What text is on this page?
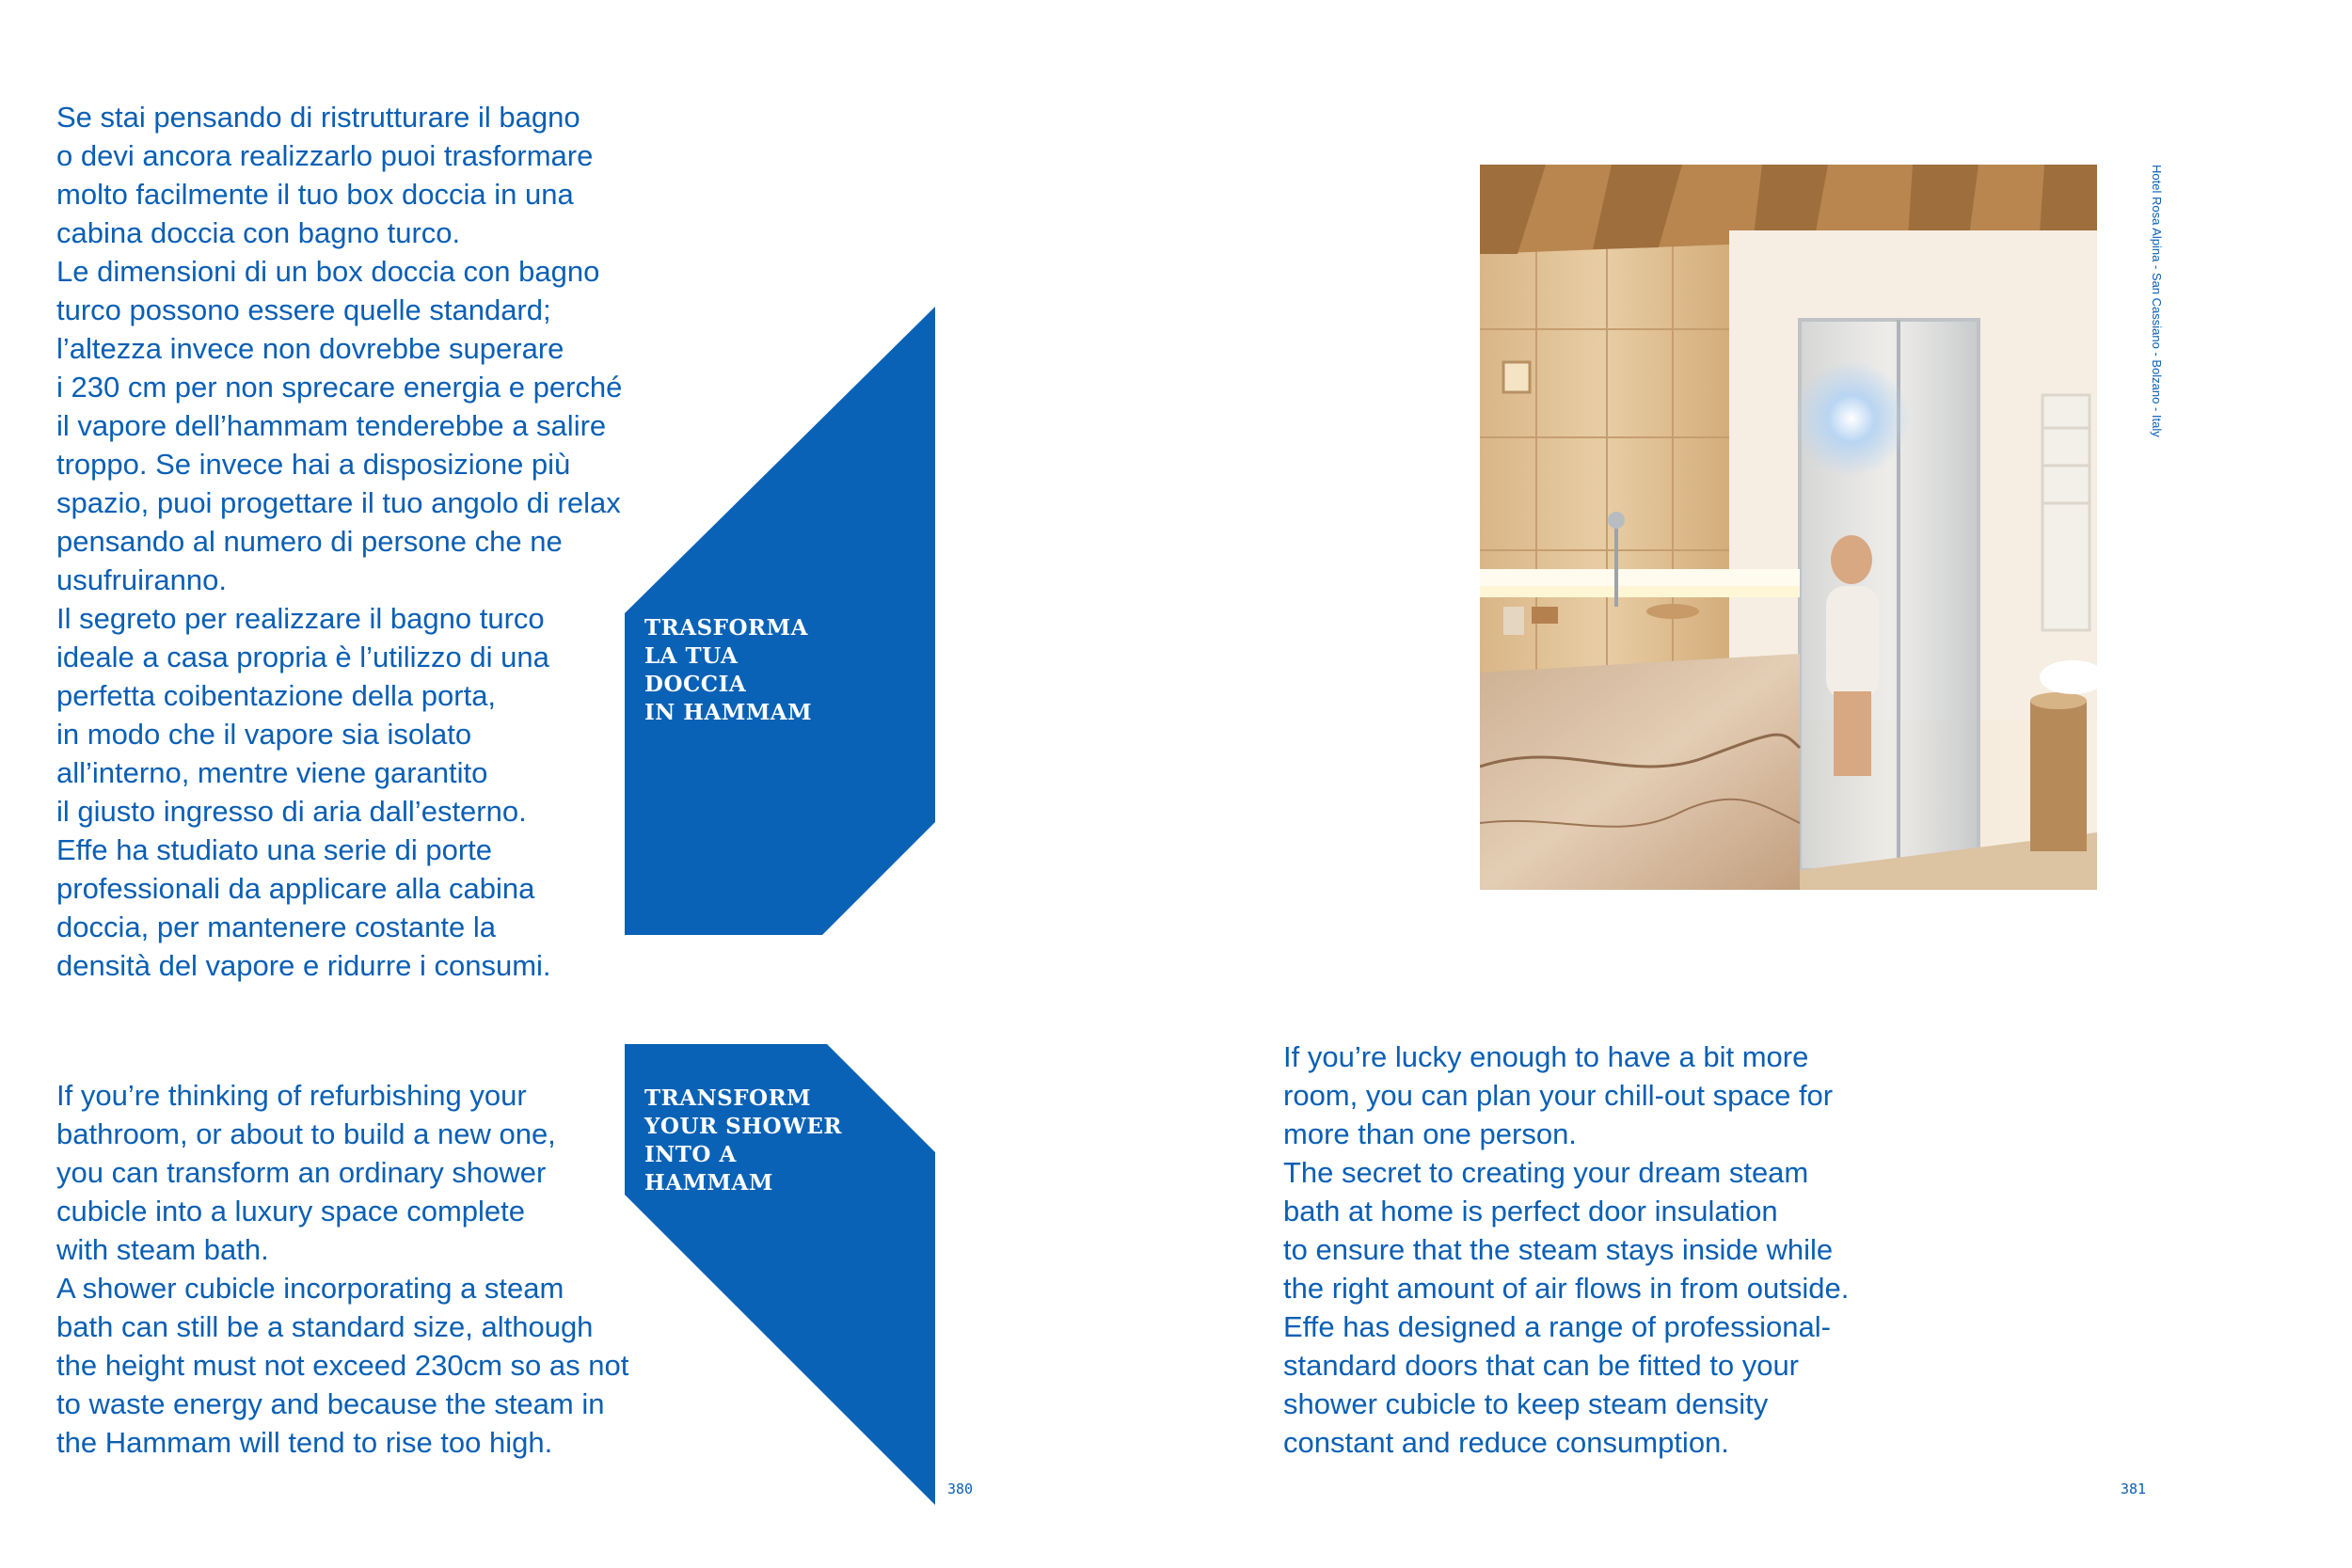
Se stai pensando di ristrutturare il bagno

o devi ancora realizzarlo puoi trasformare

molto facilmente il tuo box doccia in una

cabina doccia con bagno turco.

Le dimensioni di un box doccia con bagno

turco possono essere quelle standard;

l’altezza invece non dovrebbe superare

i 230 cm per non sprecare energia e perché

il vapore dell’hammam tenderebbe a salire

troppo. Se invece hai a disposizione più

spazio, puoi progettare il tuo angolo di relax

pensando al numero di persone che ne

usufruiranno.

Il segreto per realizzare il bagno turco

ideale a casa propria è l’utilizzo di una

perfetta coibentazione della porta,

in modo che il vapore sia isolato

all’interno, mentre viene garantito

il giusto ingresso di aria dall’esterno.

Effe ha studiato una serie di porte

professionali da applicare alla cabina

doccia, per mantenere costante la

densità del vapore e ridurre i consumi.

TRASFORMA
LA TUA
DOCCIA
IN HAMMAM
TRANSFORM
YOUR SHOWER
INTO A
HAMMAM

If you’re thinking of refurbishing your

bathroom, or about to build a new one,

you can transform an ordinary shower

cubicle into a luxury space complete

with steam bath.

A shower cubicle incorporating a steam

bath can still be a standard size, although

the height must not exceed 230cm so as not

to waste energy and because the steam in

the Hammam will tend to rise too high.

Hotel Rosa Alpina - San Cassiano - Bolzano - Italy

If you’re lucky enough to have a bit more

room, you can plan your chill-out space for

more than one person.

The secret to creating your dream steam

bath at home is perfect door insulation

to ensure that the steam stays inside while

the right amount of air flows in from outside.

Effe has designed a range of professional-

standard doors that can be fitted to your

shower cubicle to keep steam density

constant and reduce consumption.

380	381
